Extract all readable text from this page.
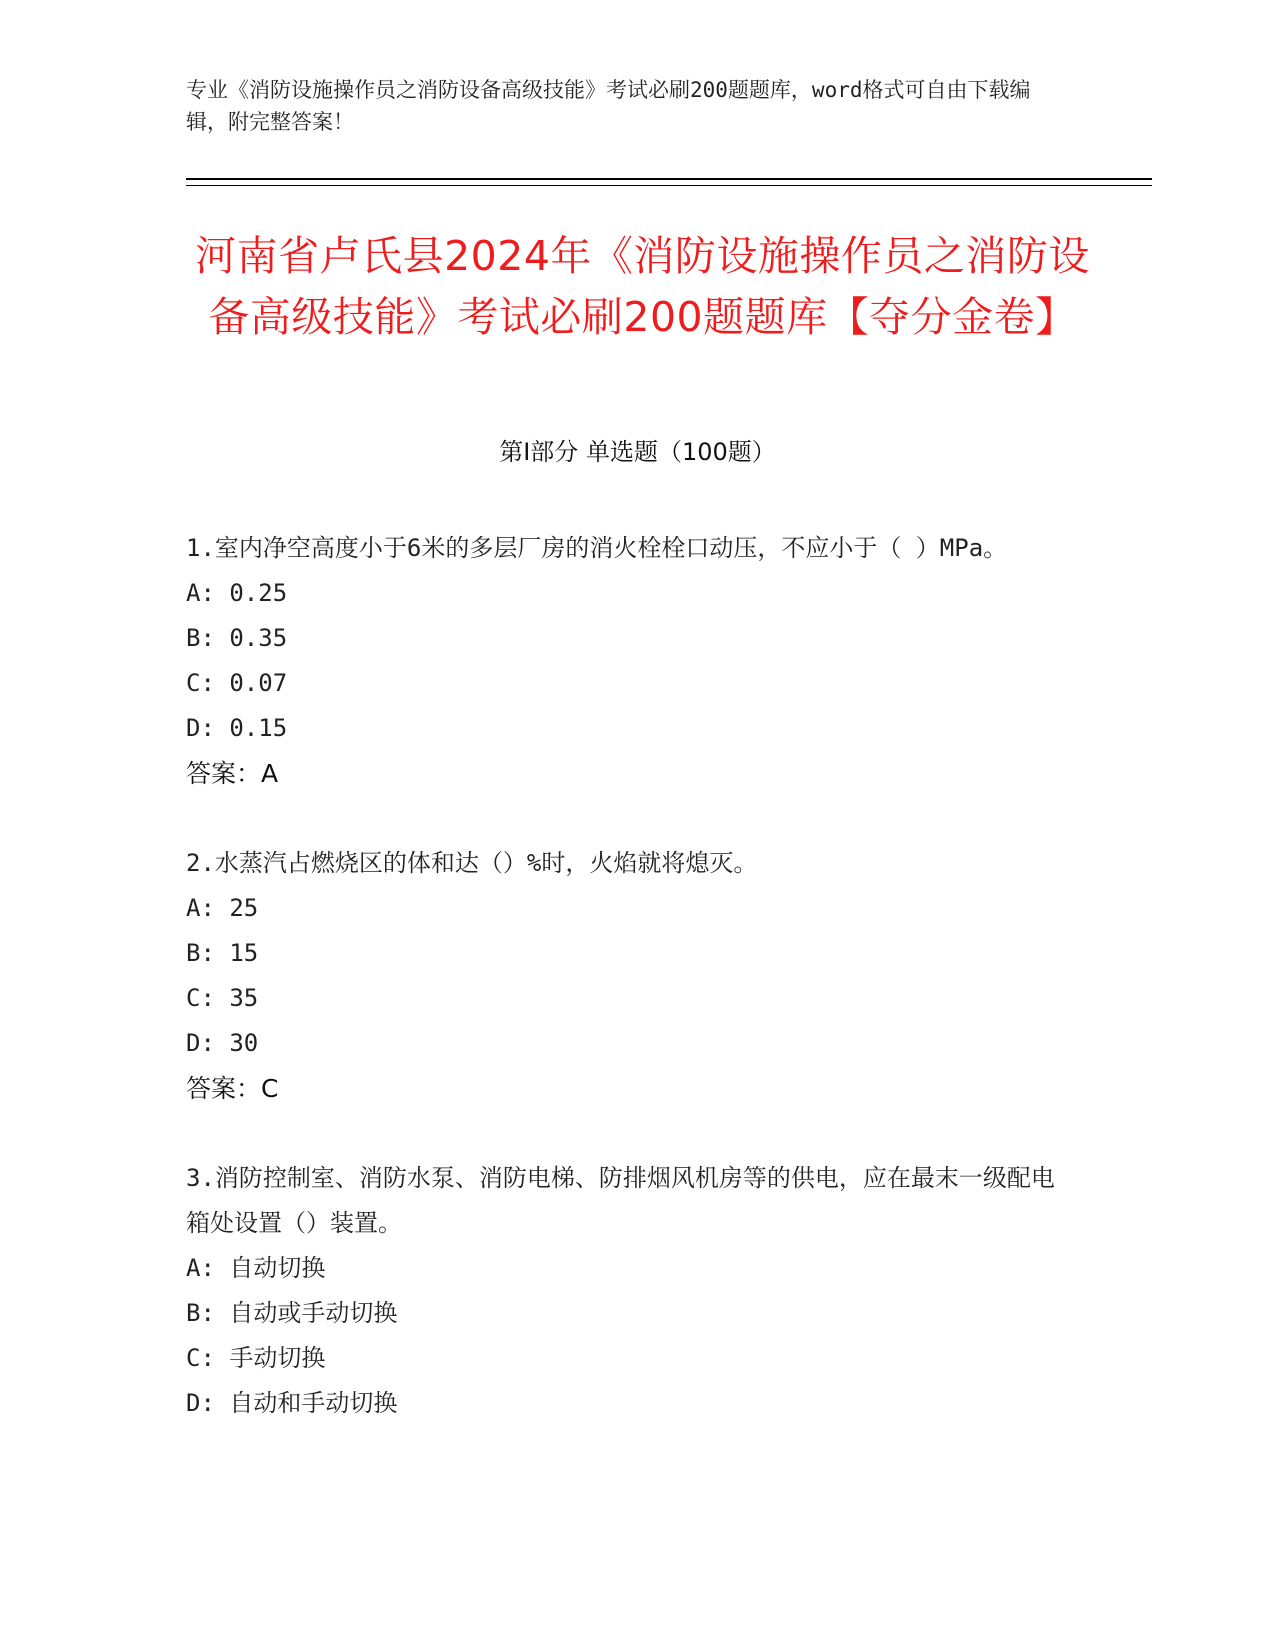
专业《消防设施操作员之消防设备高级技能》考试必刷200题题库，word格式可自由下载编辑，附完整答案！
河南省卢氏县2024年《消防设施操作员之消防设备高级技能》考试必刷200题题库【夺分金卷】
第Ⅰ部分 单选题（100题）

1.室内净空高度小于6米的多层厂房的消火栓栓口动压，不应小于（ ）MPa。

A: 0.25

B: 0.35

C: 0.07

D: 0.15

答案：A

2.水蒸汽占燃烧区的体和达（）%时，火焰就将熄灭。

A: 25

B: 15

C: 35

D: 30

答案：C

3.消防控制室、消防水泵、消防电梯、防排烟风机房等的供电，应在最末一级配电箱处设置（）装置。

A: 自动切换

B: 自动或手动切换

C: 手动切换

D: 自动和手动切换
